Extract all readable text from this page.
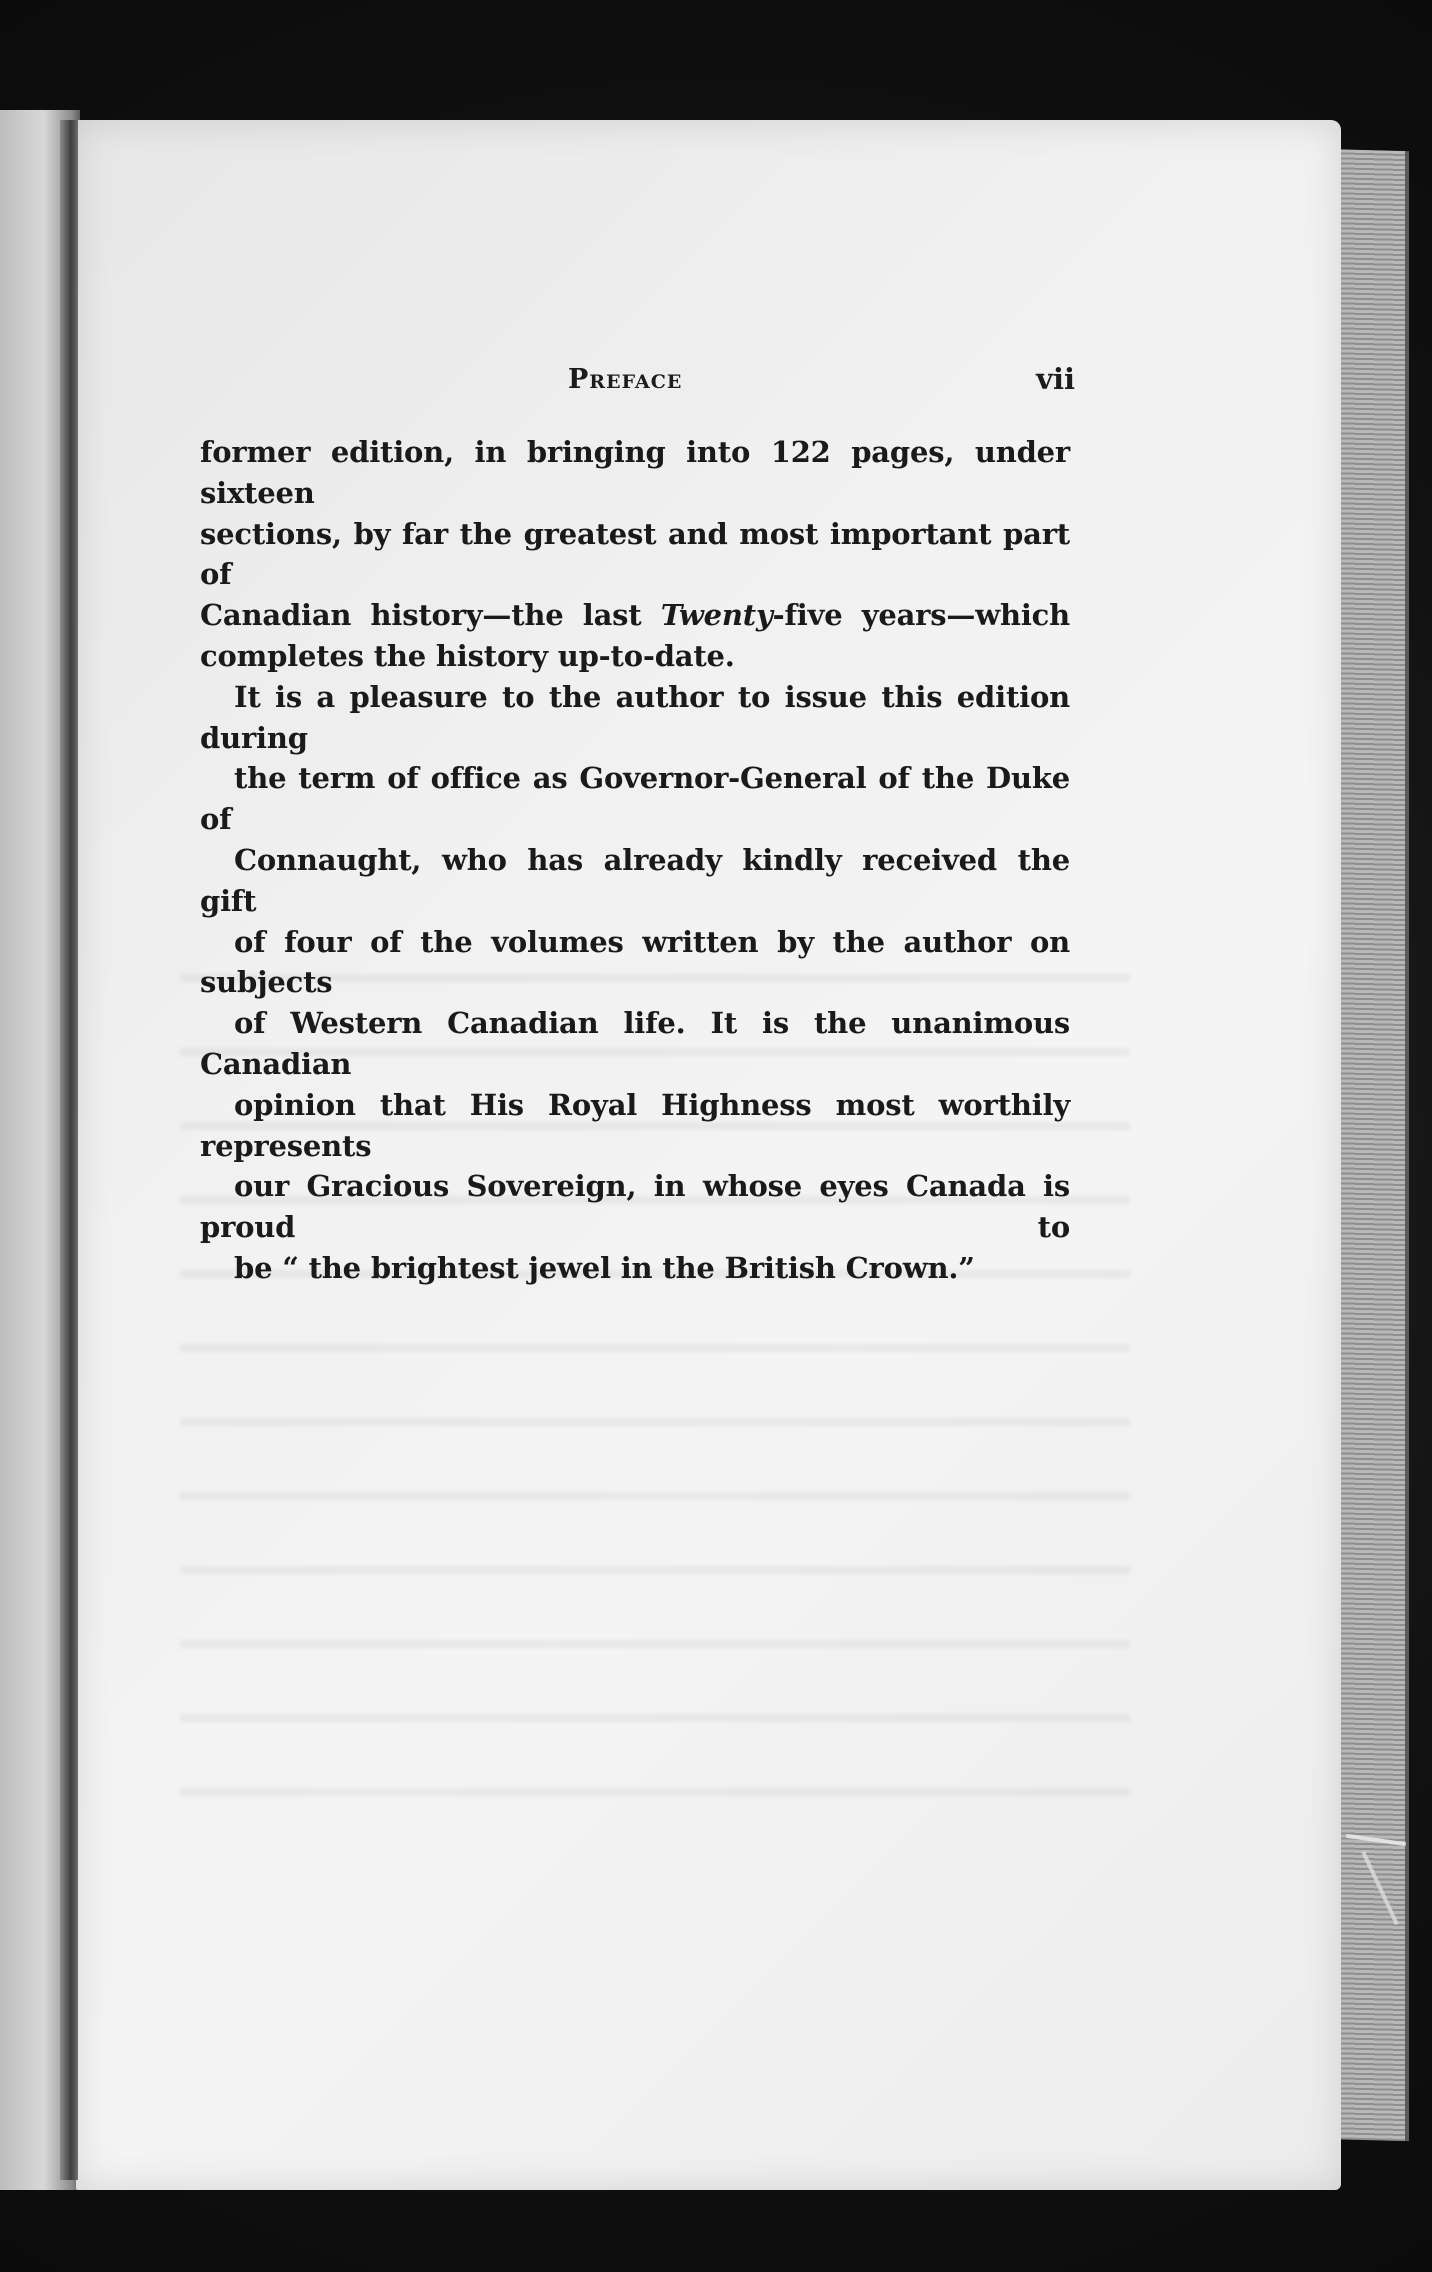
Preface	vii

former edition, in bringing into 122 pages, under sixteen
sections, by far the greatest and most important part of
Canadian history—the last Twenty-five years—which
completes the history up-to-date.

It is a pleasure to the author to issue this edition during
the term of office as Governor-General of the Duke of
Connaught, who has already kindly received the gift
of four of the volumes written by the author on subjects
of Western Canadian life. It is the unanimous Canadian
opinion that His Royal Highness most worthily represents
our Gracious Sovereign, in whose eyes Canada is proud to
be “ the brightest jewel in the British Crown.”
